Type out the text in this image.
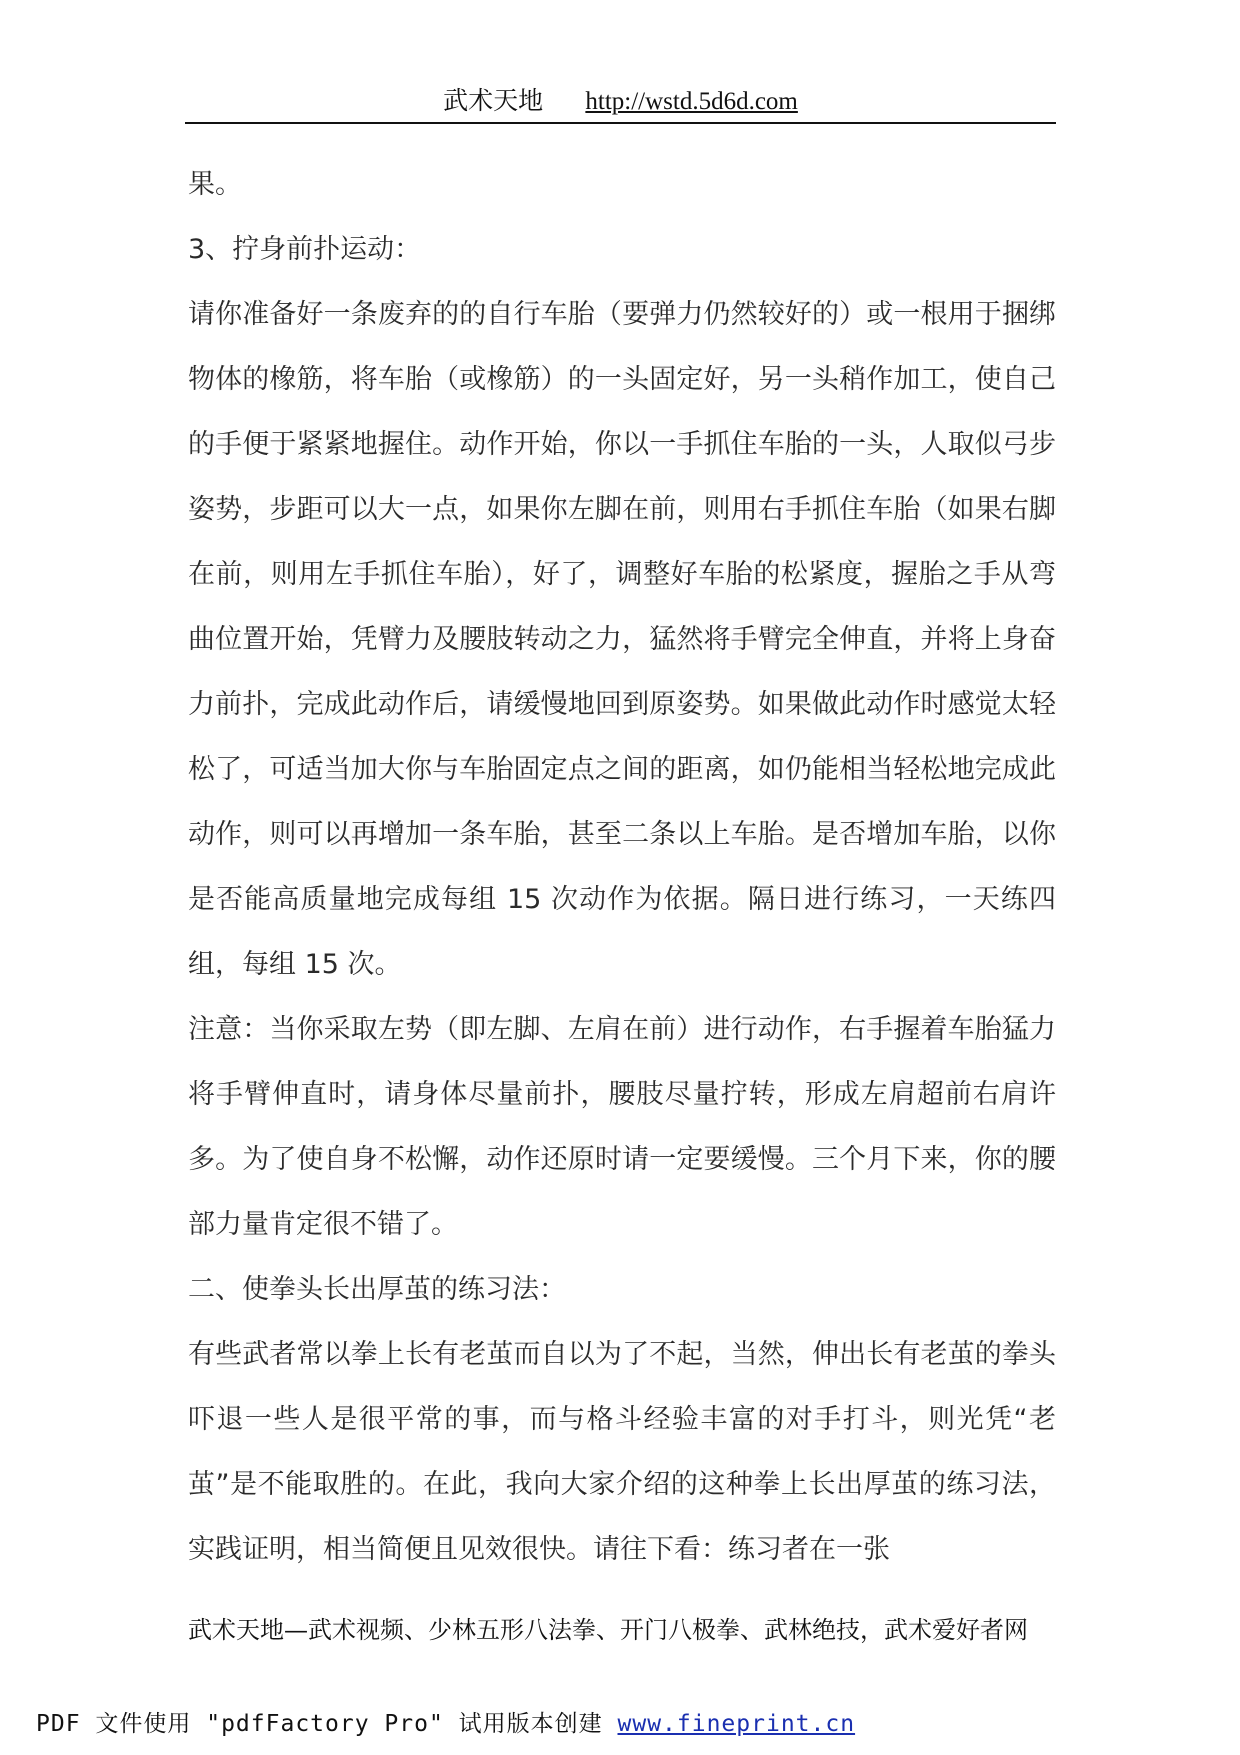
武术天地 http://wstd.5d6d.com

果。

3、拧身前扑运动：

请你准备好一条废弃的的自行车胎（要弹力仍然较好的）或一根用于捆绑物体的橡筋，将车胎（或橡筋）的一头固定好，另一头稍作加工，使自己的手便于紧紧地握住。动作开始，你以一手抓住车胎的一头，人取似弓步姿势，步距可以大一点，如果你左脚在前，则用右手抓住车胎（如果右脚在前，则用左手抓住车胎），好了，调整好车胎的松紧度，握胎之手从弯曲位置开始，凭臂力及腰肢转动之力，猛然将手臂完全伸直，并将上身奋力前扑，完成此动作后，请缓慢地回到原姿势。如果做此动作时感觉太轻松了，可适当加大你与车胎固定点之间的距离，如仍能相当轻松地完成此动作，则可以再增加一条车胎，甚至二条以上车胎。是否增加车胎，以你是否能高质量地完成每组 15 次动作为依据。隔日进行练习，一天练四组，每组 15 次。

注意：当你采取左势（即左脚、左肩在前）进行动作，右手握着车胎猛力将手臂伸直时，请身体尽量前扑，腰肢尽量拧转，形成左肩超前右肩许多。为了使自身不松懈，动作还原时请一定要缓慢。三个月下来，你的腰部力量肯定很不错了。

二、使拳头长出厚茧的练习法：

有些武者常以拳上长有老茧而自以为了不起，当然，伸出长有老茧的拳头吓退一些人是很平常的事，而与格斗经验丰富的对手打斗，则光凭“老茧”是不能取胜的。在此，我向大家介绍的这种拳上长出厚茧的练习法，实践证明，相当简便且见效很快。请往下看：练习者在一张

武术天地—武术视频、少林五形八法拳、开门八极拳、武林绝技，武术爱好者网
PDF 文件使用 "pdfFactory Pro" 试用版本创建 www.fineprint.cn
